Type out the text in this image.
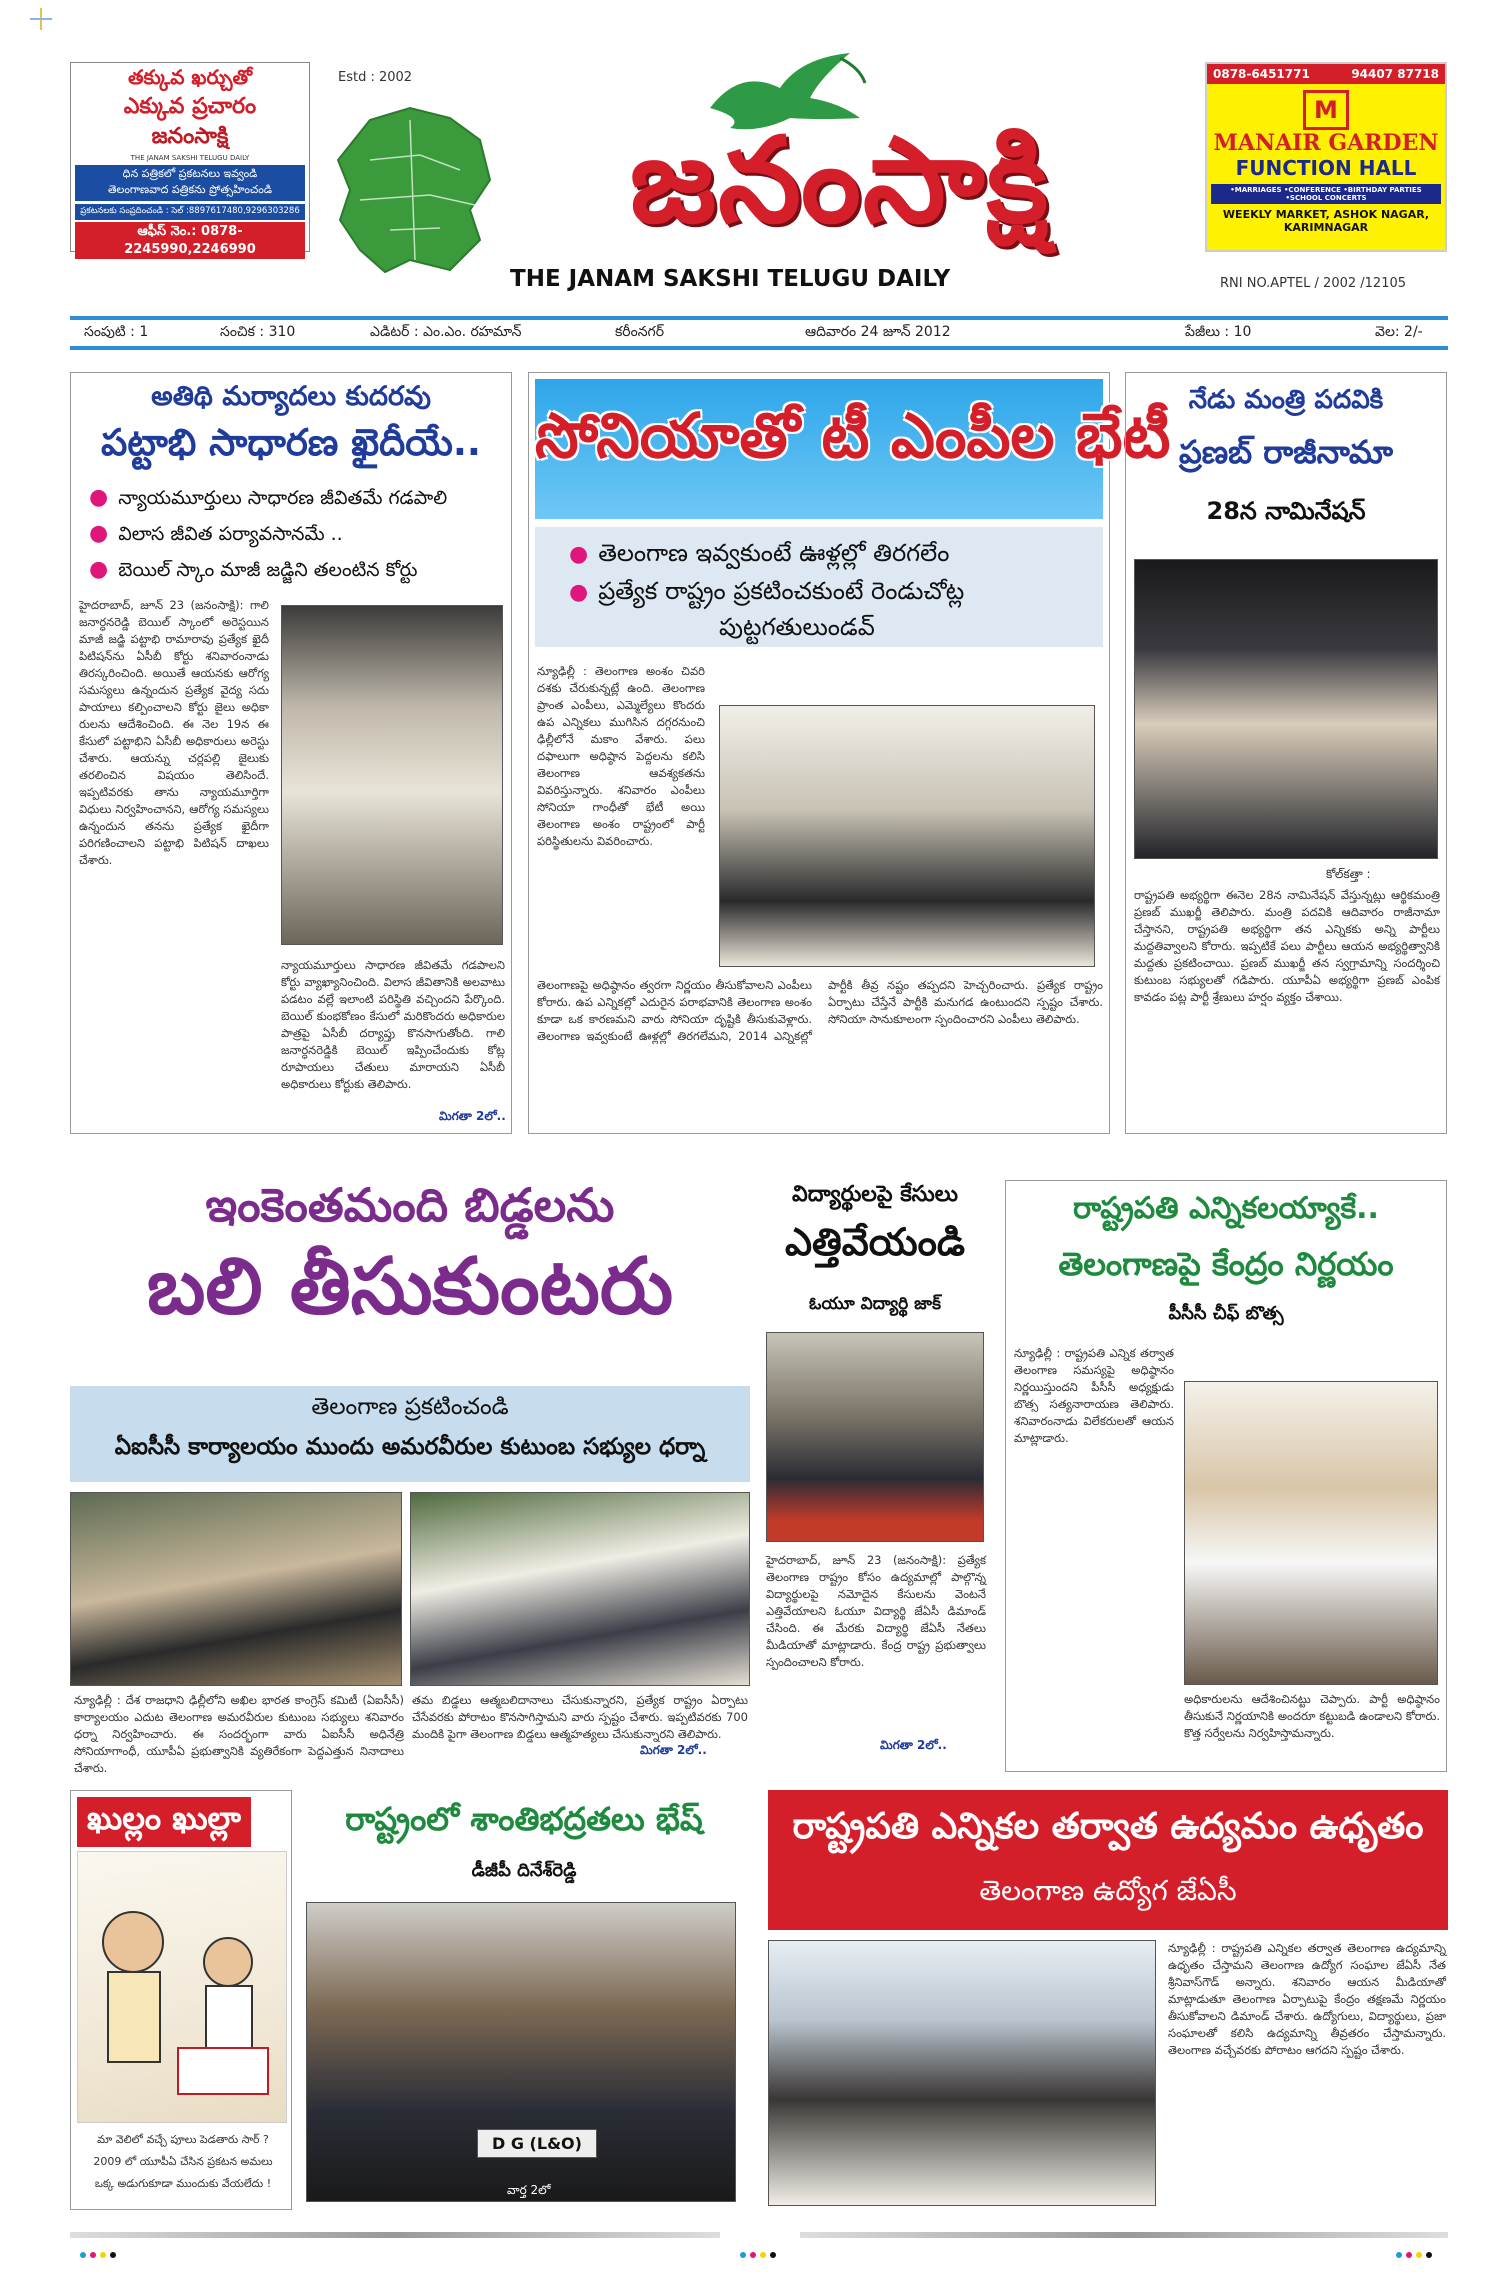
తక్కువ ఖర్చుతో
ఎక్కువ ప్రచారం
జనంసాక్షి
THE JANAM SAKSHI TELUGU DAILY
ధిన పత్రికలో ప్రకటనలు ఇవ్వండి
తెలంగాణవాద పత్రికను ప్రోత్సహించండి
ప్రకటనలకు సంప్రదించండి : సెల్ :8897617480,9296303286
ఆఫీస్ నెం.: 0878-2245990,2246990
Estd : 2002
జనంసాక్షి
THE JANAM SAKSHI TELUGU DAILY	RNI NO.APTEL / 2002 /12105
0878-6451771	94407 87718
M
MANAIR GARDEN
FUNCTION HALL
•MARRIAGES •CONFERENCE •BIRTHDAY PARTIES •SCHOOL CONCERTS
WEEKLY MARKET, ASHOK NAGAR, KARIMNAGAR
సంపుటి : 1	సంచిక : 310	ఎడిటర్ : ఎం.ఎం. రహమాన్	కరీంనగర్	ఆదివారం 24 జూన్ 2012	పేజీలు : 10	వెల: 2/-
అతిథి మర్యాదలు కుదరవు
పట్టాభి సాధారణ ఖైదీయే..
● న్యాయమూర్తులు సాధారణ జీవితమే గడపాలి
● విలాస జీవిత పర్యావసానమే ..
● బెయిల్ స్కాం మాజీ జడ్జిని తలంటిన కోర్టు
హైదరాబాద్, జూన్ 23 (జనంసాక్షి): గాలి జనార్ధనరెడ్డి బెయిల్ స్కాంలో అరెస్టయిన మాజీ జడ్జి పట్టాభి రామారావు ప్రత్యేక ఖైదీ పిటిషన్‌ను ఏసీబీ కోర్టు శనివారంనాడు తిరస్కరించింది. అయితే ఆయనకు ఆరోగ్య సమస్యలు ఉన్నందున ప్రత్యేక వైద్య సదు పాయాలు కల్పించాలని కోర్టు జైలు అధికా రులను ఆదేశించింది. ఈ నెల 19న ఈ కేసులో పట్టాభిని ఏసీబీ అధికారులు అరెస్టు చేశారు. ఆయన్ను చర్లపల్లి జైలుకు తరలించిన విషయం తెలిసిందే. ఇప్పటివరకు తాను న్యాయమూర్తిగా విధులు నిర్వహించానని, ఆరోగ్య సమస్యలు ఉన్నందున తనను ప్రత్యేక ఖైదీగా పరిగణించాలని పట్టాభి పిటిషన్ దాఖలు చేశారు.
న్యాయమూర్తులు సాధారణ జీవితమే గడపాలని కోర్టు వ్యాఖ్యానించింది. విలాస జీవితానికి అలవాటు పడటం వల్లే ఇలాంటి పరిస్థితి వచ్చిందని పేర్కొంది. బెయిల్ కుంభకోణం కేసులో మరికొందరు అధికారుల పాత్రపై ఏసీబీ దర్యాప్తు కొనసాగుతోంది. గాలి జనార్ధనరెడ్డికి బెయిల్ ఇప్పించేందుకు కోట్ల రూపాయలు చేతులు మారాయని ఏసీబీ అధికారులు కోర్టుకు తెలిపారు.
మిగతా 2లో..
సోనియాతో టీ ఎంపీల భేటీ
● తెలంగాణ ఇవ్వకుంటే ఊళ్లల్లో తిరగలేం
● ప్రత్యేక రాష్ట్రం ప్రకటించకుంటే రెండుచోట్ల
పుట్టగతులుండవ్
న్యూఢిల్లీ : తెలంగాణ అంశం చివరి దశకు చేరుకున్నట్లే ఉంది. తెలంగాణ ప్రాంత ఎంపీలు, ఎమ్మెల్యేలు కొందరు ఉప ఎన్నికలు ముగిసిన దగ్గరనుంచి ఢిల్లీలోనే మకాం వేశారు. పలు దఫాలుగా అధిష్ఠాన పెద్దలను కలిసి తెలంగాణ ఆవశ్యకతను వివరిస్తున్నారు. శనివారం ఎంపీలు సోనియా గాంధీతో భేటీ అయి తెలంగాణ అంశం రాష్ట్రంలో పార్టీ పరిస్థితులను వివరించారు.
తెలంగాణపై అధిష్ఠానం త్వరగా నిర్ణయం తీసుకోవాలని ఎంపీలు కోరారు. ఉప ఎన్నికల్లో ఎదురైన పరాభవానికి తెలంగాణ అంశం కూడా ఒక కారణమని వారు సోనియా దృష్టికి తీసుకువెళ్లారు. తెలంగాణ ఇవ్వకుంటే ఊళ్లల్లో తిరగలేమని, 2014 ఎన్నికల్లో పార్టీకి తీవ్ర నష్టం తప్పదని హెచ్చరించారు. ప్రత్యేక రాష్ట్రం ఏర్పాటు చేస్తేనే పార్టీకి మనుగడ ఉంటుందని స్పష్టం చేశారు. సోనియా సానుకూలంగా స్పందించారని ఎంపీలు తెలిపారు.
నేడు మంత్రి పదవికి
ప్రణబ్ రాజీనామా
28న నామినేషన్
కోల్‌కత్తా :
రాష్ట్రపతి అభ్యర్థిగా ఈనెల 28న నామినేషన్ వేస్తున్నట్లు ఆర్థికమంత్రి ప్రణబ్ ముఖర్జీ తెలిపారు. మంత్రి పదవికి ఆదివారం రాజీనామా చేస్తానని, రాష్ట్రపతి అభ్యర్థిగా తన ఎన్నికకు అన్ని పార్టీలు మద్దతివ్వాలని కోరారు. ఇప్పటికే పలు పార్టీలు ఆయన అభ్యర్థిత్వానికి మద్దతు ప్రకటించాయి. ప్రణబ్ ముఖర్జీ తన స్వగ్రామాన్ని సందర్శించి కుటుంబ సభ్యులతో గడిపారు. యూపీఏ అభ్యర్థిగా ప్రణబ్ ఎంపిక కావడం పట్ల పార్టీ శ్రేణులు హర్షం వ్యక్తం చేశాయి.
ఇంకెంతమంది బిడ్డలను
బలి తీసుకుంటరు
తెలంగాణ ప్రకటించండి
ఏఐసీసీ కార్యాలయం ముందు అమరవీరుల కుటుంబ సభ్యుల ధర్నా
న్యూఢిల్లీ : దేశ రాజధాని ఢిల్లీలోని అఖిల భారత కాంగ్రెస్ కమిటీ (ఏఐసీసీ) కార్యాలయం ఎదుట తెలంగాణ అమరవీరుల కుటుంబ సభ్యులు శనివారం ధర్నా నిర్వహించారు. ఈ సందర్భంగా వారు ఏఐసీసీ అధినేత్రి సోనియాగాంధీ, యూపీఏ ప్రభుత్వానికి వ్యతిరేకంగా పెద్దఎత్తున నినాదాలు చేశారు.
తమ బిడ్డలు ఆత్మబలిదానాలు చేసుకున్నారని, ప్రత్యేక రాష్ట్రం ఏర్పాటు చేసేవరకు పోరాటం కొనసాగిస్తామని వారు స్పష్టం చేశారు. ఇప్పటివరకు 700 మందికి పైగా తెలంగాణ బిడ్డలు ఆత్మహత్యలు చేసుకున్నారని తెలిపారు.
మిగతా 2లో..
విద్యార్థులపై కేసులు
ఎత్తివేయండి
ఓయూ విద్యార్థి జాక్
హైదరాబాద్, జూన్ 23 (జనంసాక్షి): ప్రత్యేక తెలంగాణ రాష్ట్రం కోసం ఉద్యమాల్లో పాల్గొన్న విద్యార్థులపై నమోదైన కేసులను వెంటనే ఎత్తివేయాలని ఓయూ విద్యార్థి జేఏసీ డిమాండ్ చేసింది. ఈ మేరకు విద్యార్థి జేఏసీ నేతలు మీడియాతో మాట్లాడారు. కేంద్ర రాష్ట్ర ప్రభుత్వాలు స్పందించాలని కోరారు.
మిగతా 2లో..
రాష్ట్రపతి ఎన్నికలయ్యాకే..
తెలంగాణపై కేంద్రం నిర్ణయం
పీసీసీ చీఫ్ బొత్స
న్యూఢిల్లీ : రాష్ట్రపతి ఎన్నిక తర్వాత తెలంగాణ సమస్యపై అధిష్ఠానం నిర్ణయిస్తుందని పీసీసీ అధ్యక్షుడు బొత్స సత్యనారాయణ తెలిపారు. శనివారంనాడు విలేకరులతో ఆయన మాట్లాడారు.
అధికారులను ఆదేశించినట్టు చెప్పారు. పార్టీ అధిష్ఠానం తీసుకునే నిర్ణయానికి అందరూ కట్టుబడి ఉండాలని కోరారు. కొత్త సర్వేలను నిర్వహిస్తామన్నారు.
ఖుల్లం ఖుల్లా
మా వెలిలో వచ్చే పూలు పెడతారు సార్ ?
2009 లో యూపీఏ చేసిన ప్రకటన అమలు
ఒక్క అడుగుకూడా ముందుకు వేయలేదు !
రాష్ట్రంలో శాంతిభద్రతలు భేష్
డీజీపీ దినేశ్‌రెడ్డి
D G (L&O)
వార్త 2లో
రాష్ట్రపతి ఎన్నికల తర్వాత ఉద్యమం ఉధృతం
తెలంగాణ ఉద్యోగ జేఏసీ
న్యూఢిల్లీ : రాష్ట్రపతి ఎన్నికల తర్వాత తెలంగాణ ఉద్యమాన్ని ఉధృతం చేస్తామని తెలంగాణ ఉద్యోగ సంఘాల జేఏసీ నేత శ్రీనివాస్‌గౌడ్ అన్నారు. శనివారం ఆయన మీడియాతో మాట్లాడుతూ తెలంగాణ ఏర్పాటుపై కేంద్రం తక్షణమే నిర్ణయం తీసుకోవాలని డిమాండ్ చేశారు. ఉద్యోగులు, విద్యార్థులు, ప్రజా సంఘాలతో కలిసి ఉద్యమాన్ని తీవ్రతరం చేస్తామన్నారు. తెలంగాణ వచ్చేవరకు పోరాటం ఆగదని స్పష్టం చేశారు.
